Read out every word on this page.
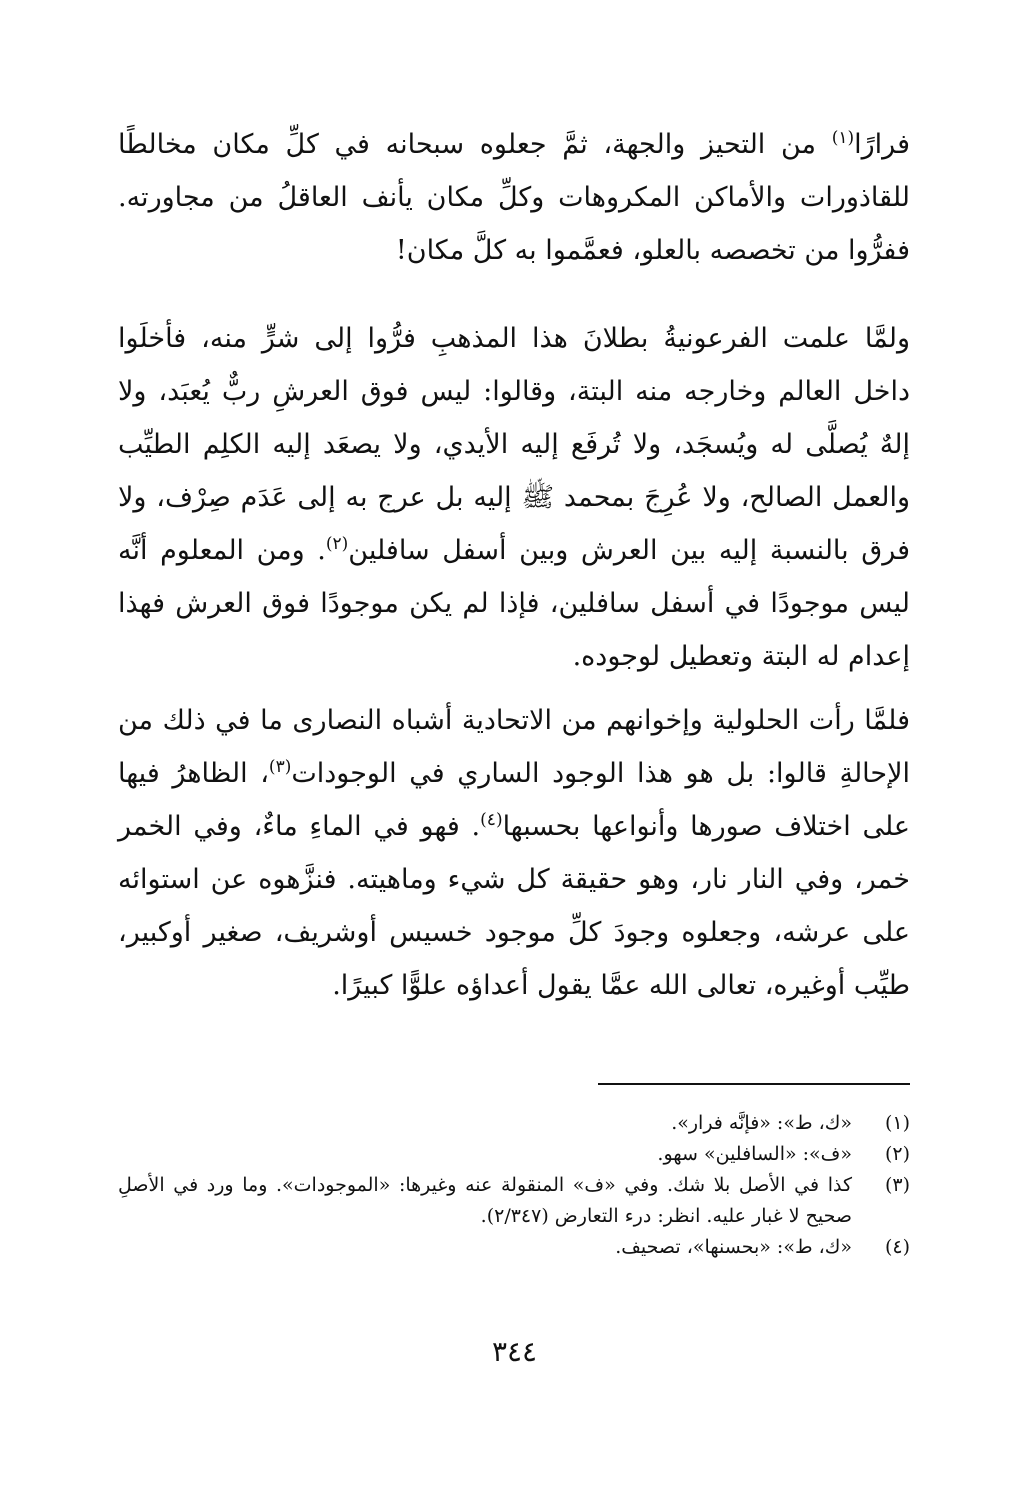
فرارًا$^{(١)}$ من التحيز والجهة، ثمَّ جعلوه سبحانه في كلِّ مكان مخالطًا للقاذورات والأماكن المكروهات وكلِّ مكان يأنف العاقلُ من مجاورته. ففرُّوا من تخصصه بالعلو، فعمَّموا به كلَّ مكان!

ولمَّا علمت الفرعونيةُ بطلانَ هذا المذهبِ فرُّوا إلى شرٍّ منه، فأخلَوا داخل العالم وخارجه منه البتة، وقالوا: ليس فوق العرشِ ربٌّ يُعبَد، ولا إلهٌ يُصلَّى له ويُسجَد، ولا تُرفَع إليه الأيدي، ولا يصعَد إليه الكلِم الطيِّب والعمل الصالح، ولا عُرِجَ بمحمد ﷺ إليه بل عرج به إلى عَدَم صِرْف، ولا فرق بالنسبة إليه بين العرش وبين أسفل سافلين$^{(٢)}$. ومن المعلوم أنَّه ليس موجودًا في أسفل سافلين، فإذا لم يكن موجودًا فوق العرش فهذا إعدام له البتة وتعطيل لوجوده.

فلمَّا رأت الحلولية وإخوانهم من الاتحادية أشباه النصارى ما في ذلك من الإحالةِ قالوا: بل هو هذا الوجود الساري في الوجودات$^{(٣)}$، الظاهرُ فيها على اختلاف صورها وأنواعها بحسبها$^{(٤)}$. فهو في الماءِ ماءٌ، وفي الخمر خمر، وفي النار نار، وهو حقيقة كل شيء وماهيته. فنزَّهوه عن استوائه على عرشه، وجعلوه وجودَ كلِّ موجود خسيس أوشريف، صغير أوكبير، طيِّب أوغيره، تعالى الله عمَّا يقول أعداؤه علوًّا كبيرًا.

(١)
«ك، ط»: «فإنَّه فرار».
(٢)
«ف»: «السافلين» سهو.
(٣)
كذا في الأصل بلا شك. وفي «ف» المنقولة عنه وغيرها: «الموجودات». وما ورد في الأصلِ صحيح لا غبار عليه. انظر: درء التعارض (٢/٣٤٧).
(٤)
«ك، ط»: «بحسنها»، تصحيف.
٣٤٤
